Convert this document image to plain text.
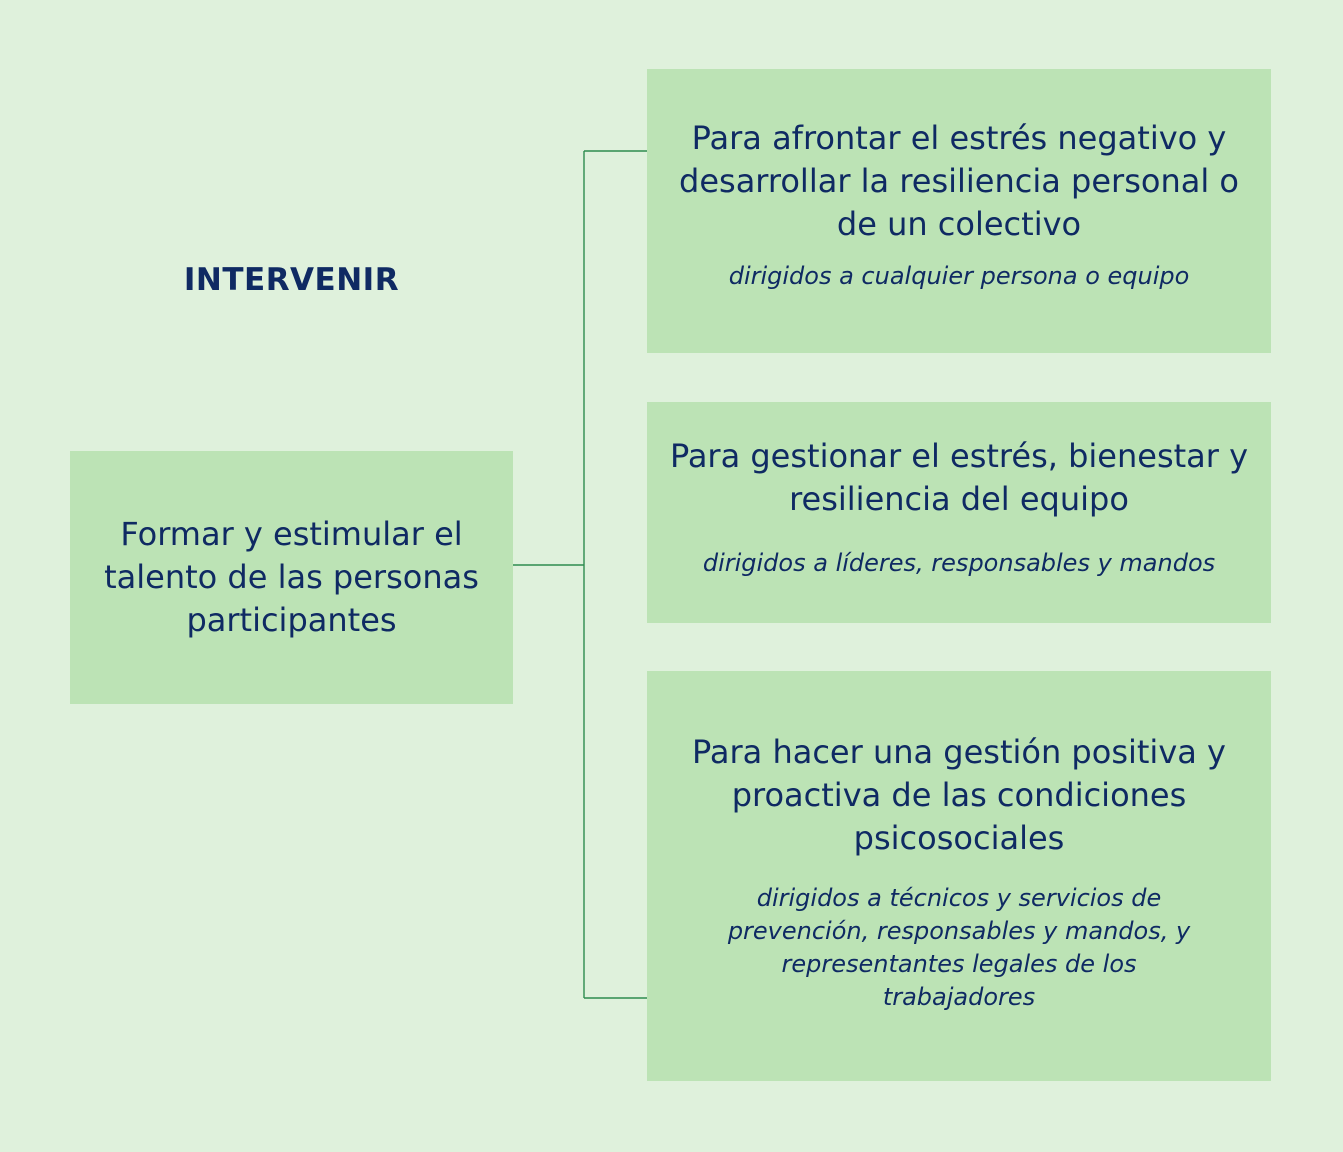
INTERVENIR
Formar y estimular el talento de las personas participantes
Para afrontar el estrés negativo y desarrollar la resiliencia personal o de un colectivo
dirigidos a cualquier persona o equipo
Para gestionar el estrés, bienestar y resiliencia del equipo
dirigidos a líderes, responsables y mandos
Para hacer una gestión positiva y proactiva de las condiciones psicosociales
dirigidos a técnicos y servicios de prevención, responsables y mandos, y representantes legales de los trabajadores
